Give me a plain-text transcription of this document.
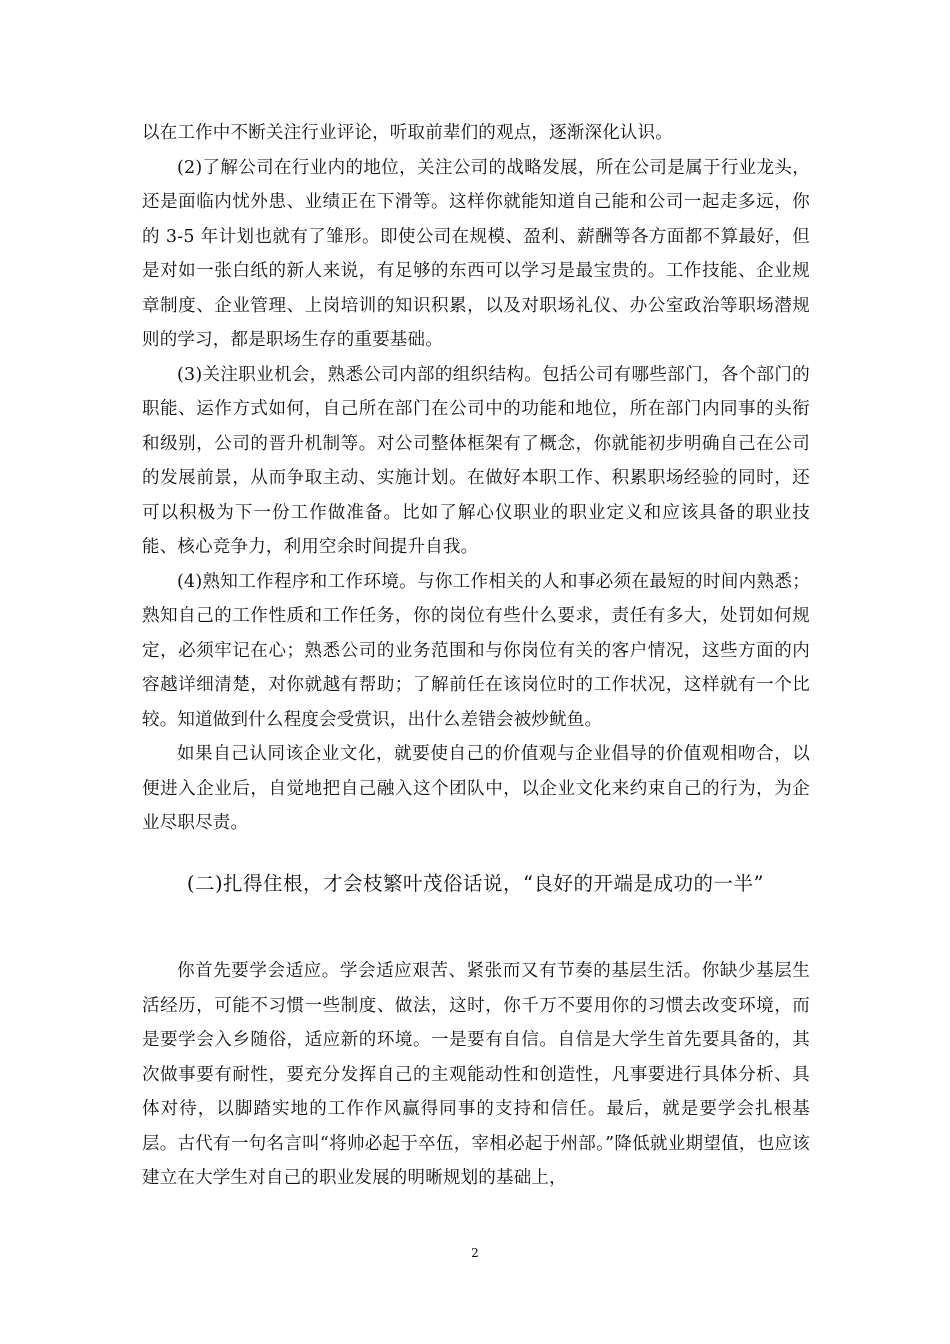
以在工作中不断关注行业评论，听取前辈们的观点，逐渐深化认识。

(2)了解公司在行业内的地位，关注公司的战略发展，所在公司是属于行业龙头，还是面临内忧外患、业绩正在下滑等。这样你就能知道自己能和公司一起走多远，你的 3-5 年计划也就有了雏形。即使公司在规模、盈利、薪酬等各方面都不算最好，但是对如一张白纸的新人来说，有足够的东西可以学习是最宝贵的。工作技能、企业规章制度、企业管理、上岗培训的知识积累，以及对职场礼仪、办公室政治等职场潜规则的学习，都是职场生存的重要基础。

(3)关注职业机会，熟悉公司内部的组织结构。包括公司有哪些部门，各个部门的职能、运作方式如何，自己所在部门在公司中的功能和地位，所在部门内同事的头衔和级别，公司的晋升机制等。对公司整体框架有了概念，你就能初步明确自己在公司的发展前景，从而争取主动、实施计划。在做好本职工作、积累职场经验的同时，还可以积极为下一份工作做准备。比如了解心仪职业的职业定义和应该具备的职业技能、核心竞争力，利用空余时间提升自我。

(4)熟知工作程序和工作环境。与你工作相关的人和事必须在最短的时间内熟悉；熟知自己的工作性质和工作任务，你的岗位有些什么要求，责任有多大，处罚如何规定，必须牢记在心；熟悉公司的业务范围和与你岗位有关的客户情况，这些方面的内容越详细清楚，对你就越有帮助；了解前任在该岗位时的工作状况，这样就有一个比较。知道做到什么程度会受赏识，出什么差错会被炒鱿鱼。

如果自己认同该企业文化，就要使自己的价值观与企业倡导的价值观相吻合，以便进入企业后，自觉地把自己融入这个团队中，以企业文化来约束自己的行为，为企业尽职尽责。

(二)扎得住根，才会枝繁叶茂俗话说，“良好的开端是成功的一半”

你首先要学会适应。学会适应艰苦、紧张而又有节奏的基层生活。你缺少基层生活经历，可能不习惯一些制度、做法，这时，你千万不要用你的习惯去改变环境，而是要学会入乡随俗，适应新的环境。一是要有自信。自信是大学生首先要具备的，其次做事要有耐性，要充分发挥自己的主观能动性和创造性，凡事要进行具体分析、具体对待，以脚踏实地的工作作风赢得同事的支持和信任。最后，就是要学会扎根基层。古代有一句名言叫“将帅必起于卒伍，宰相必起于州部。”降低就业期望值，也应该建立在大学生对自己的职业发展的明晰规划的基础上，

2
